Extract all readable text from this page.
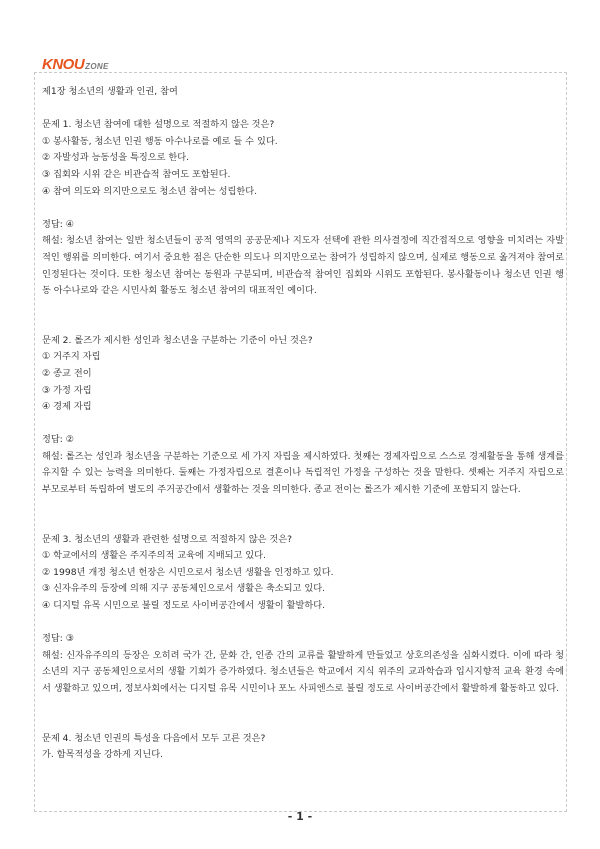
KNOU ZONE

제1장 청소년의 생활과 인권, 참여

문제 1. 청소년 참여에 대한 설명으로 적절하지 않은 것은?

① 봉사활동, 청소년 인권 행동 아수나로를 예로 들 수 있다.

② 자발성과 능동성을 특징으로 한다.

③ 집회와 시위 같은 비관습적 참여도 포함된다.

④ 참여 의도와 의지만으로도 청소년 참여는 성립한다.

정답: ④

해설: 청소년 참여는 일반 청소년들이 공적 영역의 공공문제나 지도자 선택에 관한 의사결정에 직간접적으로 영향을 미치려는 자발적인 행위를 의미한다. 여기서 중요한 점은 단순한 의도나 의지만으로는 참여가 성립하지 않으며, 실제로 행동으로 옮겨져야 참여로 인정된다는 것이다. 또한 청소년 참여는 동원과 구분되며, 비관습적 참여인 집회와 시위도 포함된다. 봉사활동이나 청소년 인권 행동 아수나로와 같은 시민사회 활동도 청소년 참여의 대표적인 예이다.

문제 2. 롤즈가 제시한 성인과 청소년을 구분하는 기준이 아닌 것은?

① 거주지 자립

② 종교 전이

③ 가정 자립

④ 경제 자립

정답: ②

해설: 롤즈는 성인과 청소년을 구분하는 기준으로 세 가지 자립을 제시하였다. 첫째는 경제자립으로 스스로 경제활동을 통해 생계를 유지할 수 있는 능력을 의미한다. 둘째는 가정자립으로 결혼이나 독립적인 가정을 구성하는 것을 말한다. 셋째는 거주지 자립으로 부모로부터 독립하여 별도의 주거공간에서 생활하는 것을 의미한다. 종교 전이는 롤즈가 제시한 기준에 포함되지 않는다.

문제 3. 청소년의 생활과 관련한 설명으로 적절하지 않은 것은?

① 학교에서의 생활은 주지주의적 교육에 지배되고 있다.

② 1998년 개정 청소년 헌장은 시민으로서 청소년 생활을 인정하고 있다.

③ 신자유주의 등장에 의해 지구 공동체인으로서 생활은 축소되고 있다.

④ 디지털 유목 시민으로 불릴 정도로 사이버공간에서 생활이 활발하다.

정답: ③

해설: 신자유주의의 등장은 오히려 국가 간, 문화 간, 인종 간의 교류를 활발하게 만들었고 상호의존성을 심화시켰다. 이에 따라 청소년의 지구 공동체인으로서의 생활 기회가 증가하였다. 청소년들은 학교에서 지식 위주의 교과학습과 입시지향적 교육 환경 속에서 생활하고 있으며, 정보사회에서는 디지털 유목 시민이나 포노 사피엔스로 불릴 정도로 사이버공간에서 활발하게 활동하고 있다.

문제 4. 청소년 인권의 특성을 다음에서 모두 고른 것은?

가. 함목적성을 강하게 지닌다.

- 1 -
